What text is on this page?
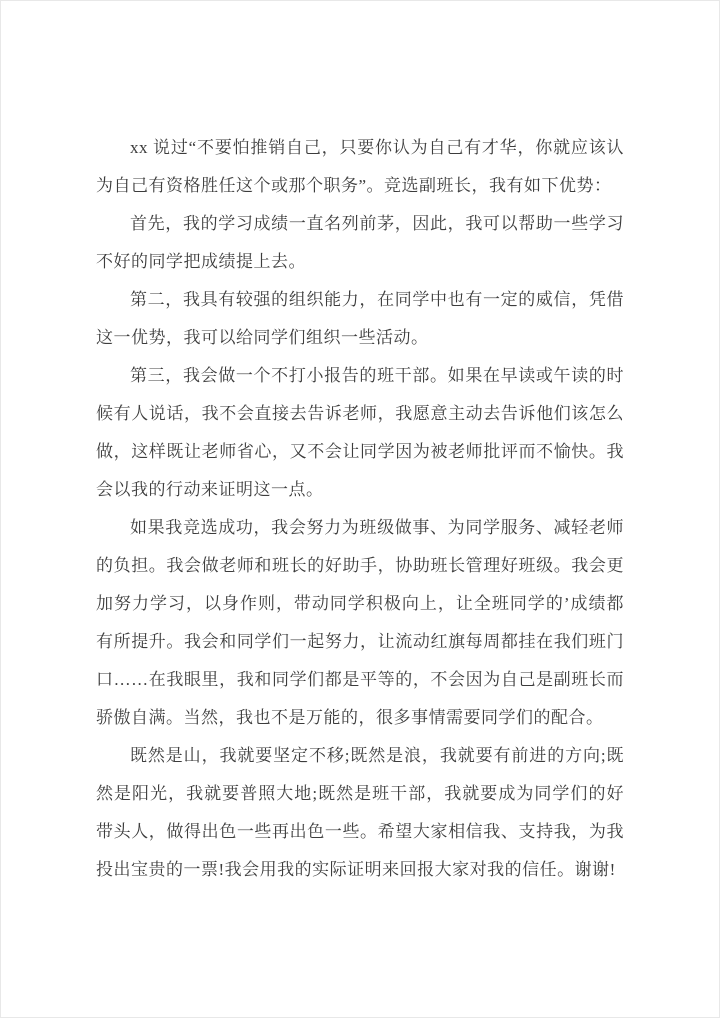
xx 说过“不要怕推销自己，只要你认为自己有才华，你就应该认为自己有资格胜任这个或那个职务”。竞选副班长，我有如下优势：

首先，我的学习成绩一直名列前茅，因此，我可以帮助一些学习不好的同学把成绩提上去。

第二，我具有较强的组织能力，在同学中也有一定的威信，凭借这一优势，我可以给同学们组织一些活动。

第三，我会做一个不打小报告的班干部。如果在早读或午读的时候有人说话，我不会直接去告诉老师，我愿意主动去告诉他们该怎么做，这样既让老师省心，又不会让同学因为被老师批评而不愉快。我会以我的行动来证明这一点。

如果我竞选成功，我会努力为班级做事、为同学服务、减轻老师的负担。我会做老师和班长的好助手，协助班长管理好班级。我会更加努力学习，以身作则，带动同学积极向上，让全班同学的’成绩都有所提升。我会和同学们一起努力，让流动红旗每周都挂在我们班门口……在我眼里，我和同学们都是平等的，不会因为自己是副班长而骄傲自满。当然，我也不是万能的，很多事情需要同学们的配合。

既然是山，我就要坚定不移;既然是浪，我就要有前进的方向;既然是阳光，我就要普照大地;既然是班干部，我就要成为同学们的好带头人，做得出色一些再出色一些。希望大家相信我、支持我，为我投出宝贵的一票!我会用我的实际证明来回报大家对我的信任。谢谢!
